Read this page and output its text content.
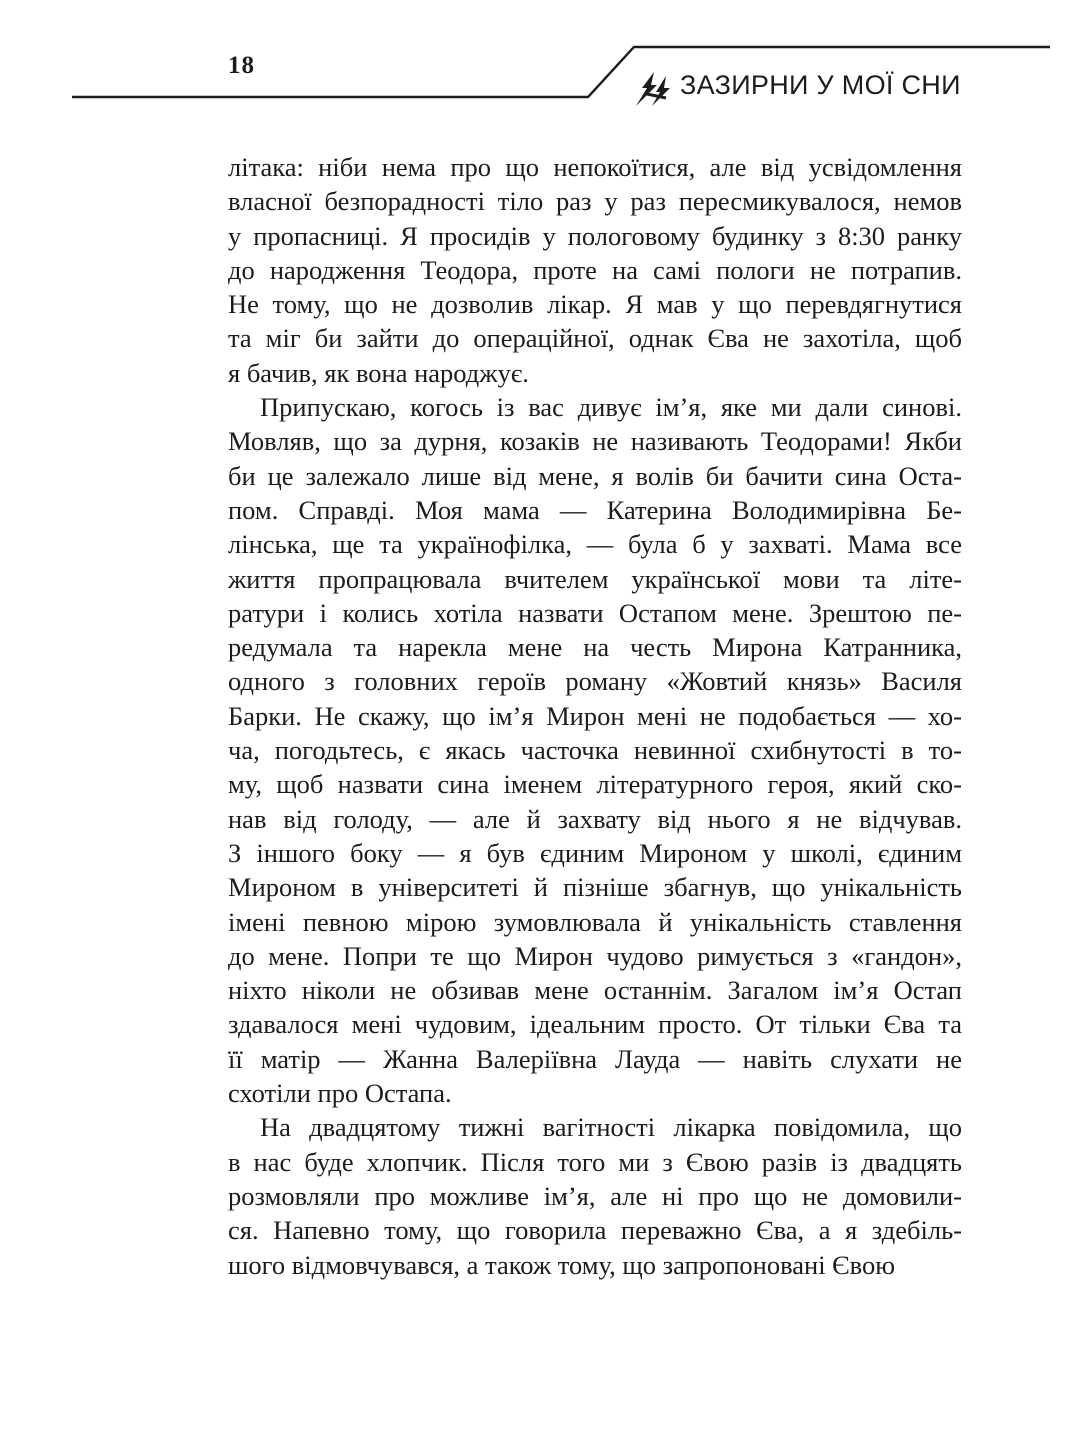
18
ЗАЗИРНИ У МОЇ СНИ
літака: ніби нема про що непокоїтися, але від усвідомлення
власної безпорадності тіло раз у раз пересмикувалося, немов
у пропасниці. Я просидів у пологовому будинку з 8:30 ранку
до народження Теодора, проте на самі пологи не потрапив.
Не тому, що не дозволив лікар. Я мав у що перевдягнутися
та міг би зайти до операційної, однак Єва не захотіла, щоб
я бачив, як вона народжує.
Припускаю, когось із вас дивує ім’я, яке ми дали синові.
Мовляв, що за дурня, козаків не називають Теодорами! Якби
би це залежало лише від мене, я волів би бачити сина Оста-
пом. Справді. Моя мама — Катерина Володимирівна Бе-
лінська, ще та українофілка, — була б у захваті. Мама все
життя пропрацювала вчителем української мови та літе-
ратури і колись хотіла назвати Остапом мене. Зрештою пе-
редумала та нарекла мене на честь Мирона Катранника,
одного з головних героїв роману «Жовтий князь» Василя
Барки. Не скажу, що ім’я Мирон мені не подобається — хо-
ча, погодьтесь, є якась часточка невинної схибнутості в то-
му, щоб назвати сина іменем літературного героя, який ско-
нав від голоду, — але й захвату від нього я не відчував.
З іншого боку — я був єдиним Мироном у школі, єдиним
Мироном в університеті й пізніше збагнув, що унікальність
імені певною мірою зумовлювала й унікальність ставлення
до мене. Попри те що Мирон чудово римується з «гандон»,
ніхто ніколи не обзивав мене останнім. Загалом ім’я Остап
здавалося мені чудовим, ідеальним просто. От тільки Єва та
її матір — Жанна Валеріївна Лауда — навіть слухати не
схотіли про Остапа.
На двадцятому тижні вагітності лікарка повідомила, що
в нас буде хлопчик. Після того ми з Євою разів із двадцять
розмовляли про можливе ім’я, але ні про що не домовили-
ся. Напевно тому, що говорила переважно Єва, а я здебіль-
шого відмовчувався, а також тому, що запропоновані Євою
